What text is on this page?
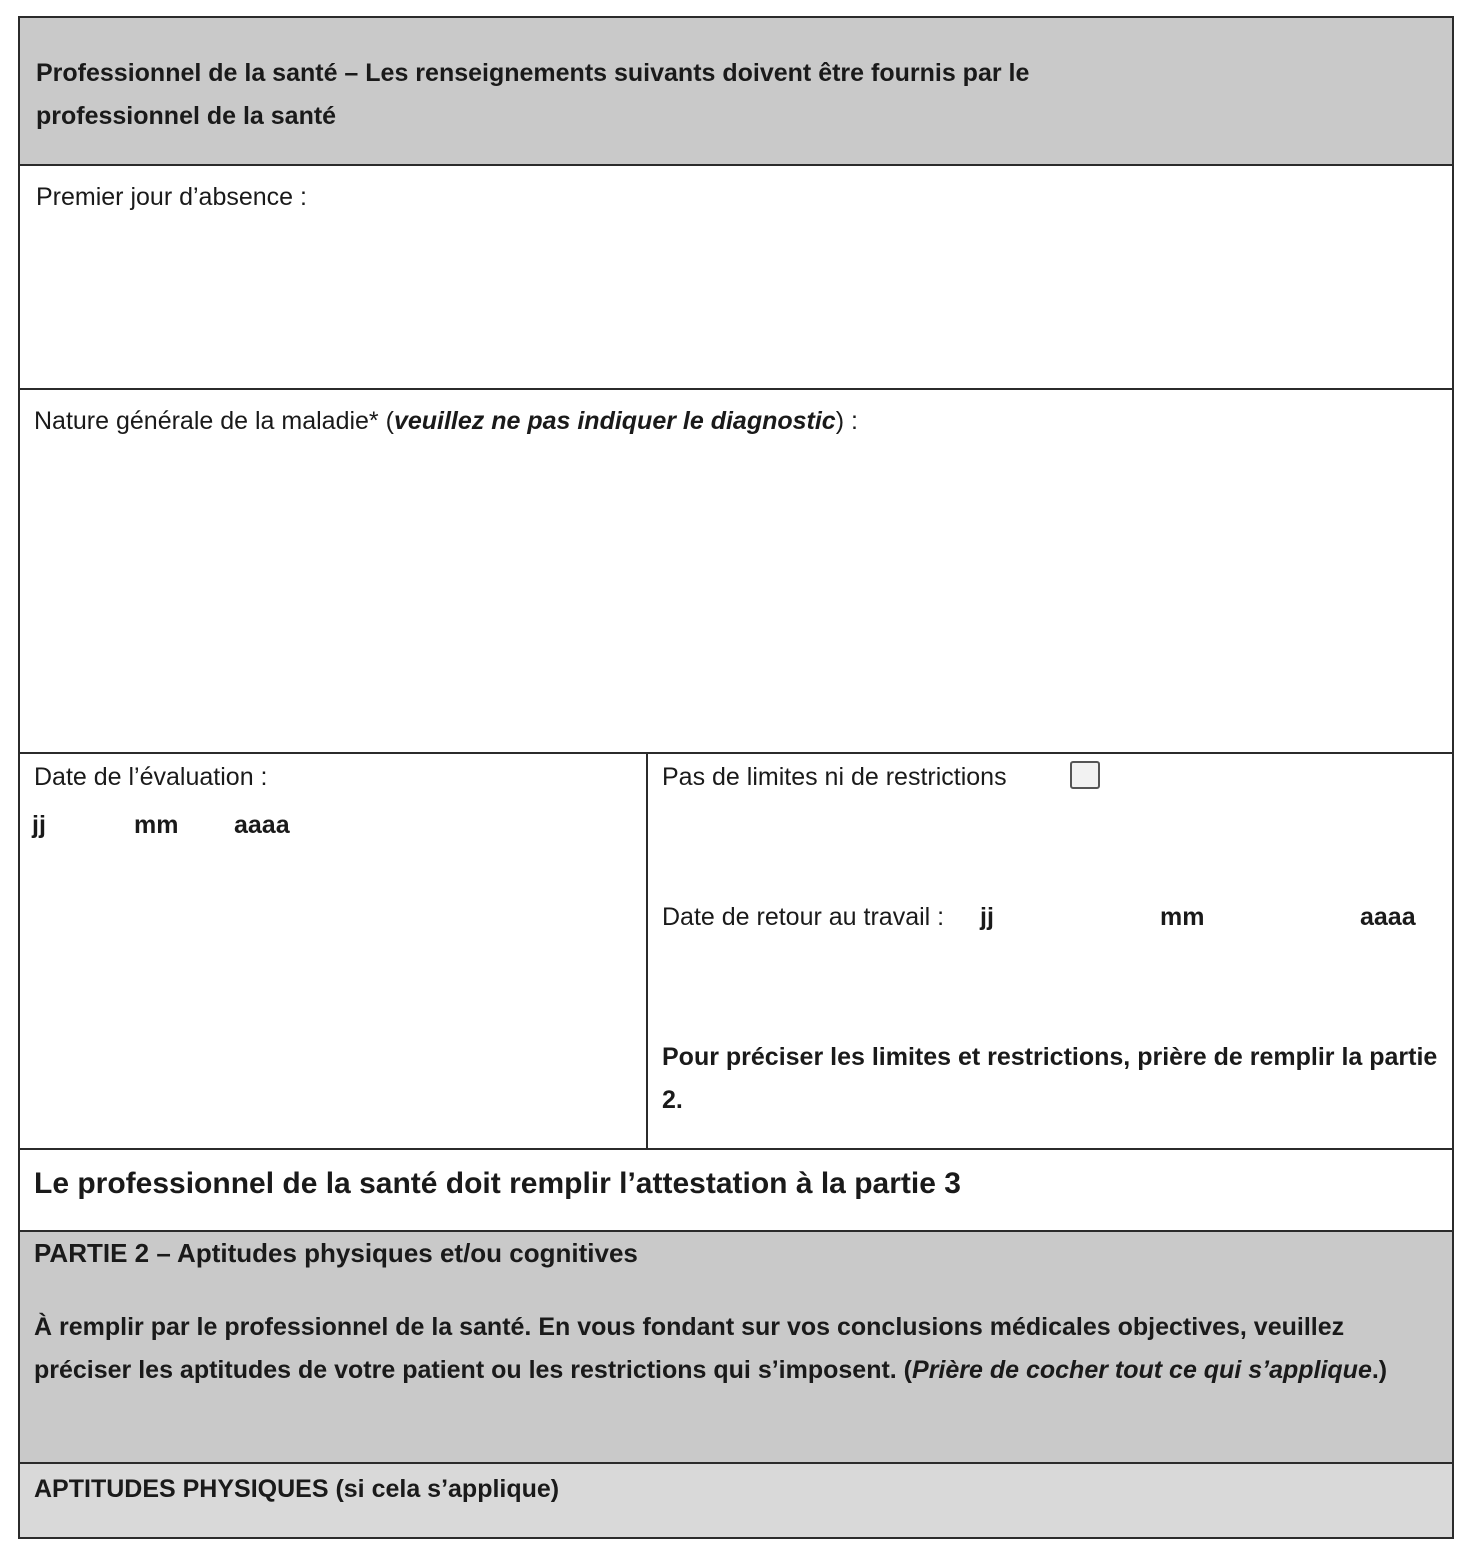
Professionnel de la santé – Les renseignements suivants doivent être fournis par le professionnel de la santé

Premier jour d’absence :

Nature générale de la maladie* (veuillez ne pas indiquer le diagnostic) :

Date de l’évaluation :

jj	mm aaaa

Pas de limites ni de restrictions

Date de retour au travail : jj	mm	aaaa

Pour préciser les limites et restrictions, prière de remplir la partie 2.

Le professionnel de la santé doit remplir l’attestation à la partie 3

PARTIE 2 – Aptitudes physiques et/ou cognitives

À remplir par le professionnel de la santé. En vous fondant sur vos conclusions médicales objectives, veuillez préciser les aptitudes de votre patient ou les restrictions qui s’imposent. (Prière de cocher tout ce qui s’applique.)

APTITUDES PHYSIQUES (si cela s’applique)
